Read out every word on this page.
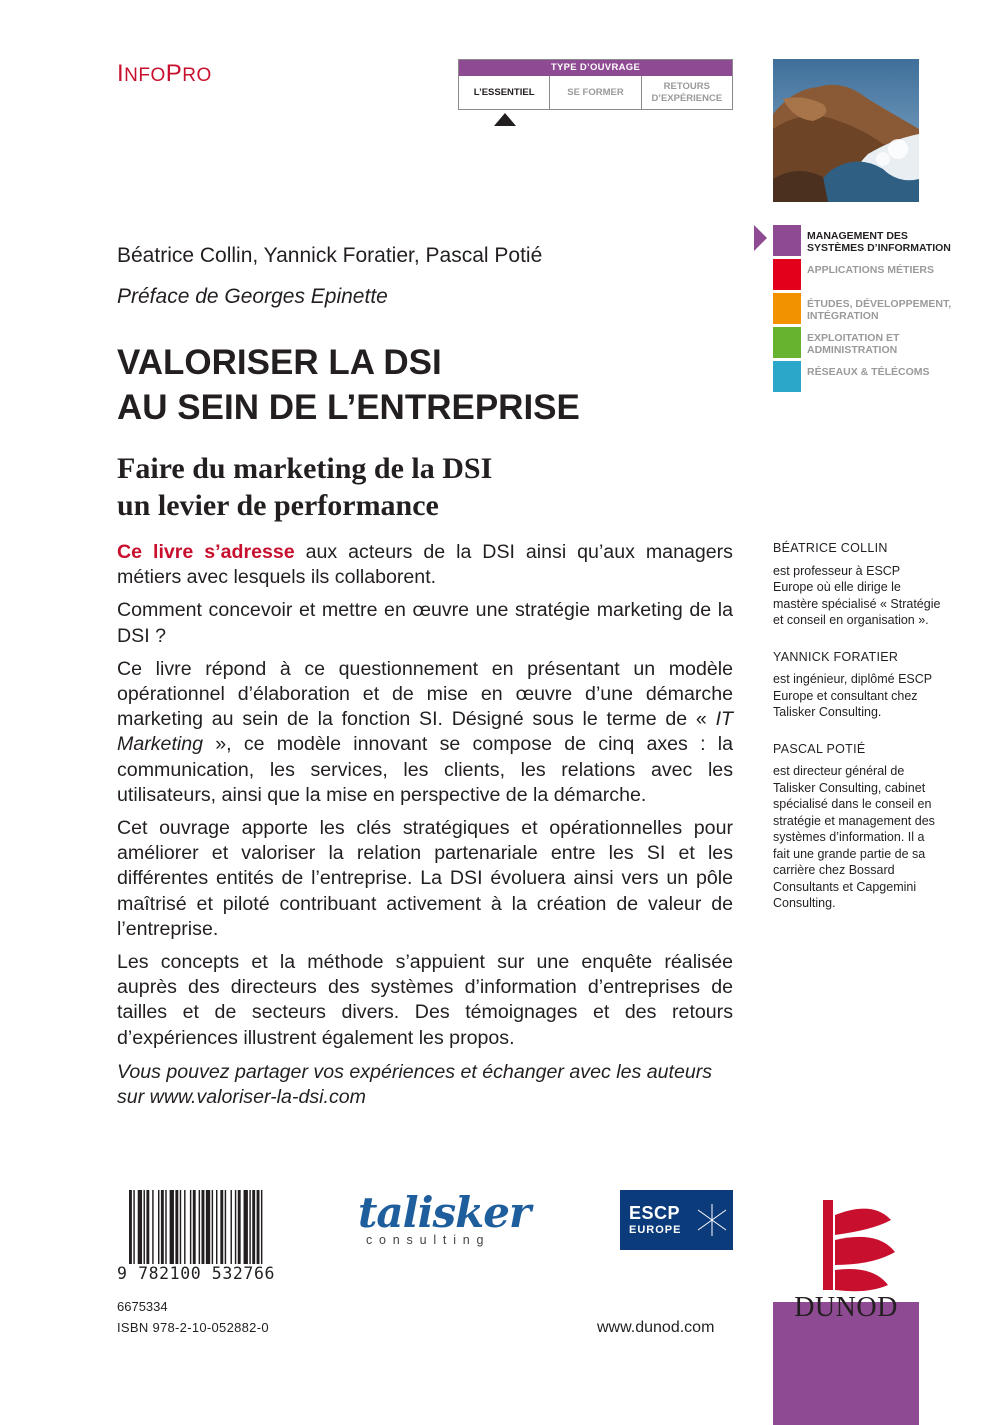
INFOPRO	TYPE D’OUVRAGE
L’ESSENTIEL	SE FORMER
RETOURS D’EXPÉRIENCE
MANAGEMENT DES SYSTÈMES D’INFORMATION
APPLICATIONS MÉTIERS
ÉTUDES, DÉVELOPPEMENT, INTÉGRATION
EXPLOITATION ET ADMINISTRATION
RÉSEAUX & TÉLÉCOMS
Béatrice Collin, Yannick Foratier, Pascal Potié
Préface de Georges Epinette
VALORISER LA DSI
AU SEIN DE L’ENTREPRISE
Faire du marketing de la DSI
un levier de performance

Ce livre s’adresse aux acteurs de la DSI ainsi qu’aux managers métiers avec lesquels ils collaborent.

Comment concevoir et mettre en œuvre une stratégie marketing de la DSI ?

Ce livre répond à ce questionnement en présentant un modèle opérationnel d’élaboration et de mise en œuvre d’une démarche marketing au sein de la fonction SI. Désigné sous le terme de « IT Marketing », ce modèle innovant se compose de cinq axes : la communication, les services, les clients, les relations avec les utilisateurs, ainsi que la mise en perspective de la démarche.

Cet ouvrage apporte les clés stratégiques et opérationnelles pour améliorer et valoriser la relation partenariale entre les SI et les différentes entités de l’entreprise. La DSI évoluera ainsi vers un pôle maîtrisé et piloté contribuant activement à la création de valeur de l’entreprise.

Les concepts et la méthode s’appuient sur une enquête réalisée auprès des directeurs des systèmes d’information d’entreprises de tailles et de secteurs divers. Des témoignages et des retours d’expériences illustrent également les propos.

Vous pouvez partager vos expériences et échanger avec les auteurs
sur www.valoriser-la-dsi.com
BÉATRICE COLLIN
est professeur à ESCP Europe où elle dirige le mastère spécialisé « Stratégie et conseil en organisation ».
YANNICK FORATIER
est ingénieur, diplômé ESCP Europe et consultant chez Talisker Consulting.
PASCAL POTIÉ
est directeur général de Talisker Consulting, cabinet spécialisé dans le conseil en stratégie et management des systèmes d’information. Il a fait une grande partie de sa carrière chez Bossard Consultants et Capgemini Consulting.
9 782100 532766
6675334
ISBN 978-2-10-052882-0	www.dunod.com
talisker
consulting
ESCP
EUROPE
DUNOD
